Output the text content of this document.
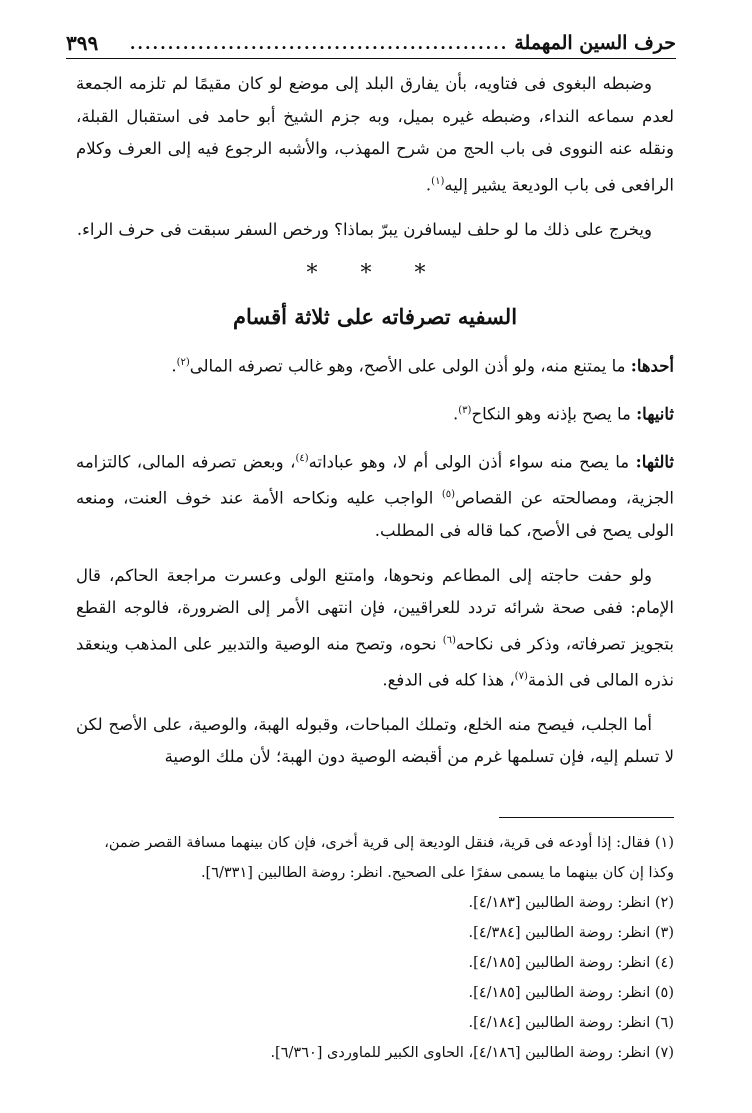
حرف السين المهملة
..................................................
٣٩٩

وضبطه البغوى فى فتاويه، بأن يفارق البلد إلى موضع لو كان مقيمًا لم تلزمه الجمعة لعدم سماعه النداء، وضبطه غيره بميل، وبه جزم الشيخ أبو حامد فى استقبال القبلة، ونقله عنه النووى فى باب الحج من شرح المهذب، والأشبه الرجوع فيه إلى العرف وكلام الرافعى فى باب الوديعة يشير إليه$^{(١)}$.

ويخرج على ذلك ما لو حلف ليسافرن يبرّ بماذا؟ ورخص السفر سبقت فى حرف الراء.

* * *
السفيه تصرفاته على ثلاثة أقسام

أحدها: ما يمتنع منه، ولو أذن الولى على الأصح، وهو غالب تصرفه المالى$^{(٢)}$.

ثانيها: ما يصح بإذنه وهو النكاح$^{(٣)}$.

ثالثها: ما يصح منه سواء أذن الولى أم لا، وهو عباداته$^{(٤)}$، وبعض تصرفه المالى، كالتزامه الجزية، ومصالحته عن القصاص$^{(٥)}$ الواجب عليه ونكاحه الأمة عند خوف العنت، ومنعه الولى يصح فى الأصح، كما قاله فى المطلب.

ولو حفت حاجته إلى المطاعم ونحوها، وامتنع الولى وعسرت مراجعة الحاكم، قال الإمام: ففى صحة شرائه تردد للعراقيين، فإن انتهى الأمر إلى الضرورة، فالوجه القطع بتجويز تصرفاته، وذكر فى نكاحه$^{(٦)}$ نحوه، وتصح منه الوصية والتدبير على المذهب وينعقد نذره المالى فى الذمة$^{(٧)}$، هذا كله فى الدفع.

أما الجلب، فيصح منه الخلع، وتملك المباحات، وقبوله الهبة، والوصية، على الأصح لكن لا تسلم إليه، فإن تسلمها غرم من أقبضه الوصية دون الهبة؛ لأن ملك الوصية

(١) فقال: إذا أودعه فى قرية، فنقل الوديعة إلى قرية أخرى، فإن كان بينهما مسافة القصر ضمن، وكذا إن كان بينهما ما يسمى سفرًا على الصحيح. انظر: روضة الطالبين [٦/٣٣١].

(٢) انظر: روضة الطالبين [٤/١٨٣].

(٣) انظر: روضة الطالبين [٤/٣٨٤].

(٤) انظر: روضة الطالبين [٤/١٨٥].

(٥) انظر: روضة الطالبين [٤/١٨٥].

(٦) انظر: روضة الطالبين [٤/١٨٤].

(٧) انظر: روضة الطالبين [٤/١٨٦]، الحاوى الكبير للماوردى [٦/٣٦٠].
